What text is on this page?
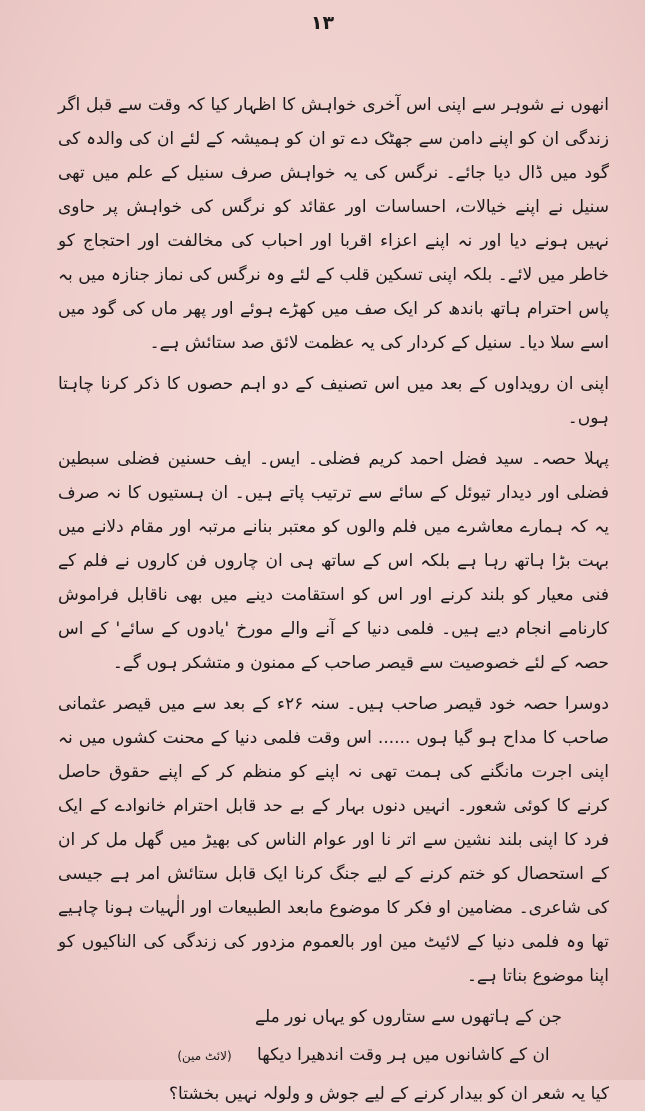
۱۳

انھوں نے شوہر سے اپنی اس آخری خواہش کا اظہار کیا کہ وقت سے قبل اگر زندگی ان کو اپنے دامن سے جھٹک دے تو ان کو ہمیشہ کے لئے ان کی والدہ کی گود میں ڈال دیا جائے۔ نرگس کی یہ خواہش صرف سنیل کے علم میں تھی سنیل نے اپنے خیالات، احساسات اور عقائد کو نرگس کی خواہش پر حاوی نہیں ہونے دیا اور نہ اپنے اعزاء اقربا اور احباب کی مخالفت اور احتجاج کو خاطر میں لائے۔ بلکہ اپنی تسکین قلب کے لئے وہ نرگس کی نماز جنازہ میں بہ پاس احترام ہاتھ باندھ کر ایک صف میں کھڑے ہوئے اور پھر ماں کی گود میں اسے سلا دیا۔ سنیل کے کردار کی یہ عظمت لائق صد ستائش ہے۔

اپنی ان رویداوں کے بعد میں اس تصنیف کے دو اہم حصوں کا ذکر کرنا چاہتا ہوں۔

پہلا حصہ۔ سید فضل احمد کریم فضلی۔ ایس۔ ایف حسنین فضلی سبطین فضلی اور دیدار تیوئل کے سائے سے ترتیب پاتے ہیں۔ ان ہستیوں کا نہ صرف یہ کہ ہمارے معاشرے میں فلم والوں کو معتبر بنانے مرتبہ اور مقام دلانے میں بہت بڑا ہاتھ رہا ہے بلکہ اس کے ساتھ ہی ان چاروں فن کاروں نے فلم کے فنی معیار کو بلند کرنے اور اس کو استقامت دینے میں بھی ناقابل فراموش کارنامے انجام دیے ہیں۔ فلمی دنیا کے آنے والے مورخ 'یادوں کے سائے' کے اس حصہ کے لئے خصوصیت سے قیصر صاحب کے ممنون و متشکر ہوں گے۔

دوسرا حصہ خود قیصر صاحب ہیں۔ سنہ ۲۶ء کے بعد سے میں قیصر عثمانی صاحب کا مداح ہو گیا ہوں ...... اس وقت فلمی دنیا کے محنت کشوں میں نہ اپنی اجرت مانگنے کی ہمت تھی نہ اپنے کو منظم کر کے اپنے حقوق حاصل کرنے کا کوئی شعور۔ انہیں دنوں بہار کے بے حد قابل احترام خانوادے کے ایک فرد کا اپنی بلند نشین سے اتر نا اور عوام الناس کی بھیڑ میں گھل مل کر ان کے استحصال کو ختم کرنے کے لیے جنگ کرنا ایک قابل ستائش امر ہے جیسی کی شاعری۔ مضامین او فکر کا موضوع مابعد الطبیعات اور الٰہیات ہونا چاہیے تھا وہ فلمی دنیا کے لائیٹ مین اور بالعموم مزدور کی زندگی کی الناکیوں کو اپنا موضوع بناتا ہے۔

جن کے ہاتھوں سے ستاروں کو یہاں نور ملے

ان کے کاشانوں میں ہر وقت اندھیرا دیکھا (لائٹ مین)

کیا یہ شعر ان کو بیدار کرنے کے لیے جوش و ولولہ نہیں بخشتا؟
